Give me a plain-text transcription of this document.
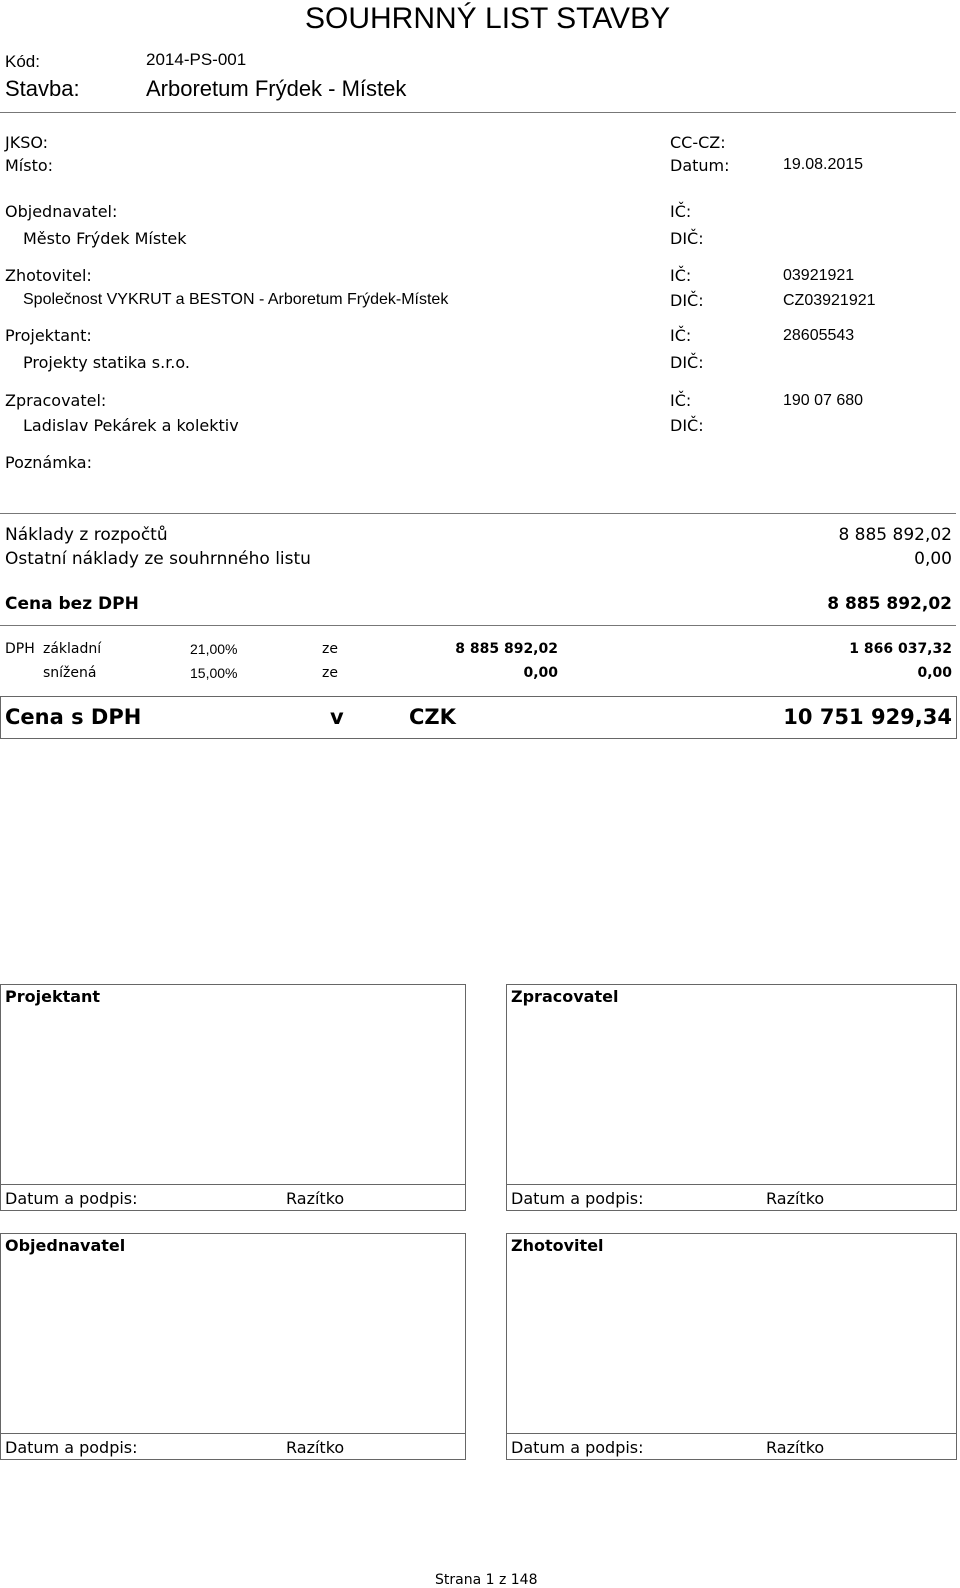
SOUHRNNÝ LIST STAVBY
Kód:	2014-PS-001
Stavba:	Arboretum Frýdek - Místek
JKSO:
Místo:
CC-CZ:
Datum:	19.08.2015
Objednavatel:
Město Frýdek Místek
IČ:
DIČ:
Zhotovitel:
Společnost VYKRUT a BESTON - Arboretum Frýdek-Místek
IČ:	03921921
DIČ:	CZ03921921
Projektant:
Projekty statika s.r.o.
IČ:	28605543
DIČ:
Zpracovatel:
Ladislav Pekárek a kolektiv
IČ:	190 07 680
DIČ:
Poznámka:
Náklady z rozpočtů	8 885 892,02
Ostatní náklady ze souhrnného listu	0,00
Cena bez DPH	8 885 892,02
DPH základní	21,00%	ze	8 885 892,02	1 866 037,32
snížená	15,00%	ze	0,00	0,00
Cena s DPH	v	CZK	10 751 929,34
Projektant
Datum a podpis:	Razítko
Zpracovatel
Datum a podpis:	Razítko
Objednavatel
Datum a podpis:	Razítko
Zhotovitel
Datum a podpis:	Razítko
Strana 1 z 148
